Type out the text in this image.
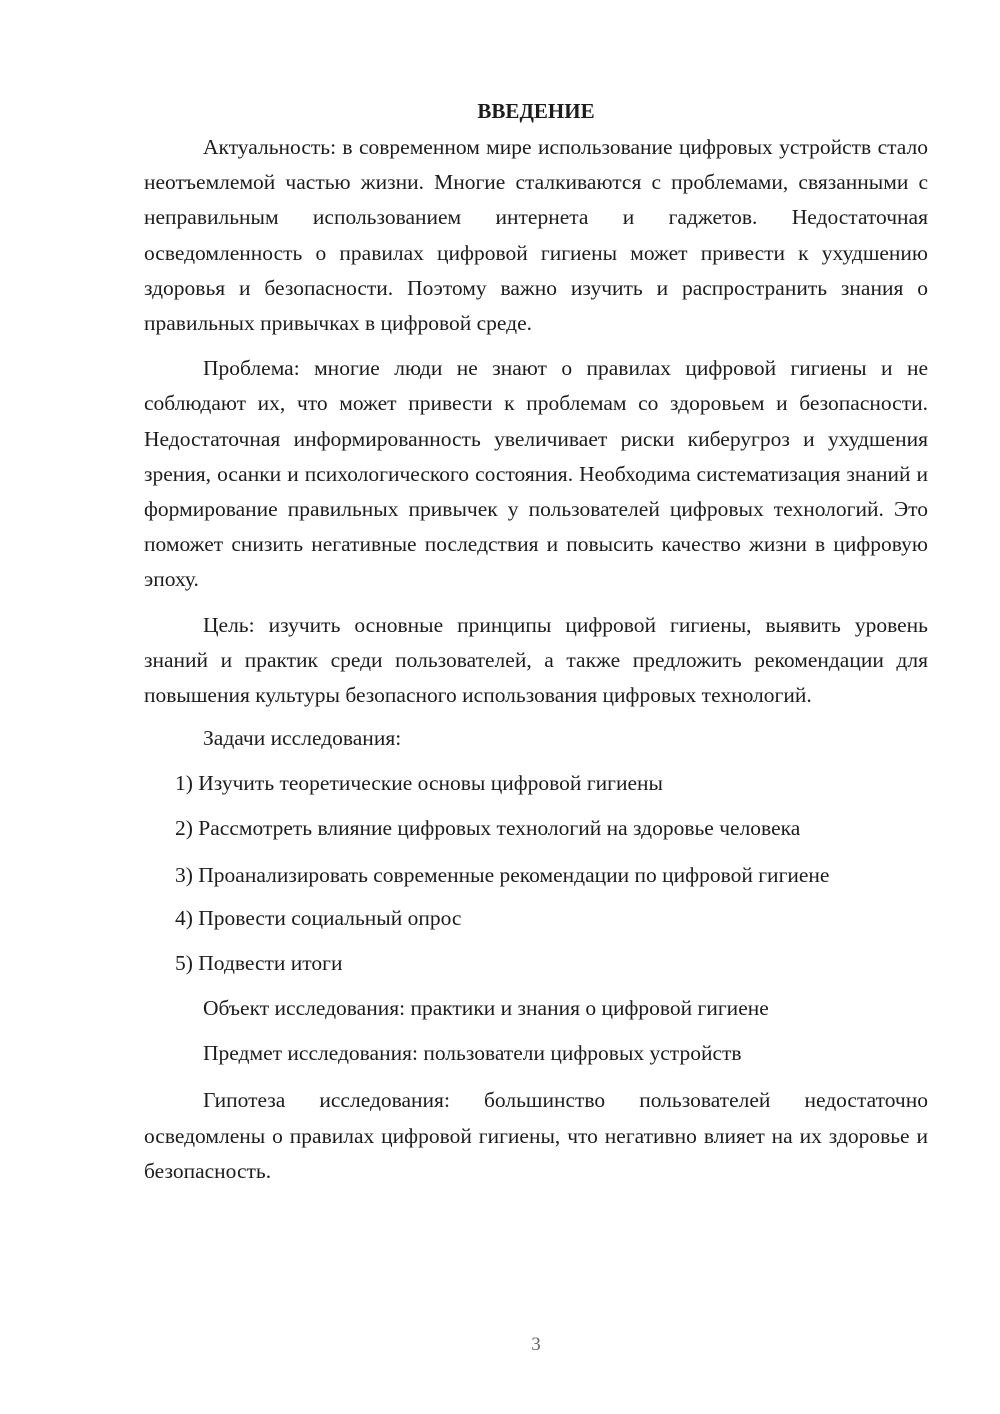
ВВЕДЕНИЕ

Актуальность: в современном мире использование цифровых устройств стало неотъемлемой частью жизни. Многие сталкиваются с проблемами, связанными с неправильным использованием интернета и гаджетов. Недостаточная осведомленность о правилах цифровой гигиены может привести к ухудшению здоровья и безопасности. Поэтому важно изучить и распространить знания о правильных привычках в цифровой среде.

Проблема: многие люди не знают о правилах цифровой гигиены и не соблюдают их, что может привести к проблемам со здоровьем и безопасности. Недостаточная информированность увеличивает риски киберугроз и ухудшения зрения, осанки и психологического состояния. Необходима систематизация знаний и формирование правильных привычек у пользователей цифровых технологий. Это поможет снизить негативные последствия и повысить качество жизни в цифровую эпоху.

Цель: изучить основные принципы цифровой гигиены, выявить уровень знаний и практик среди пользователей, а также предложить рекомендации для повышения культуры безопасного использования цифровых технологий.

Задачи исследования:

1) Изучить теоретические основы цифровой гигиены

2) Рассмотреть влияние цифровых технологий на здоровье человека

3) Проанализировать современные рекомендации по цифровой гигиене

4) Провести социальный опрос

5) Подвести итоги

Объект исследования: практики и знания о цифровой гигиене

Предмет исследования: пользователи цифровых устройств

Гипотеза исследования: большинство пользователей недостаточно осведомлены о правилах цифровой гигиены, что негативно влияет на их здоровье и безопасность.

3
